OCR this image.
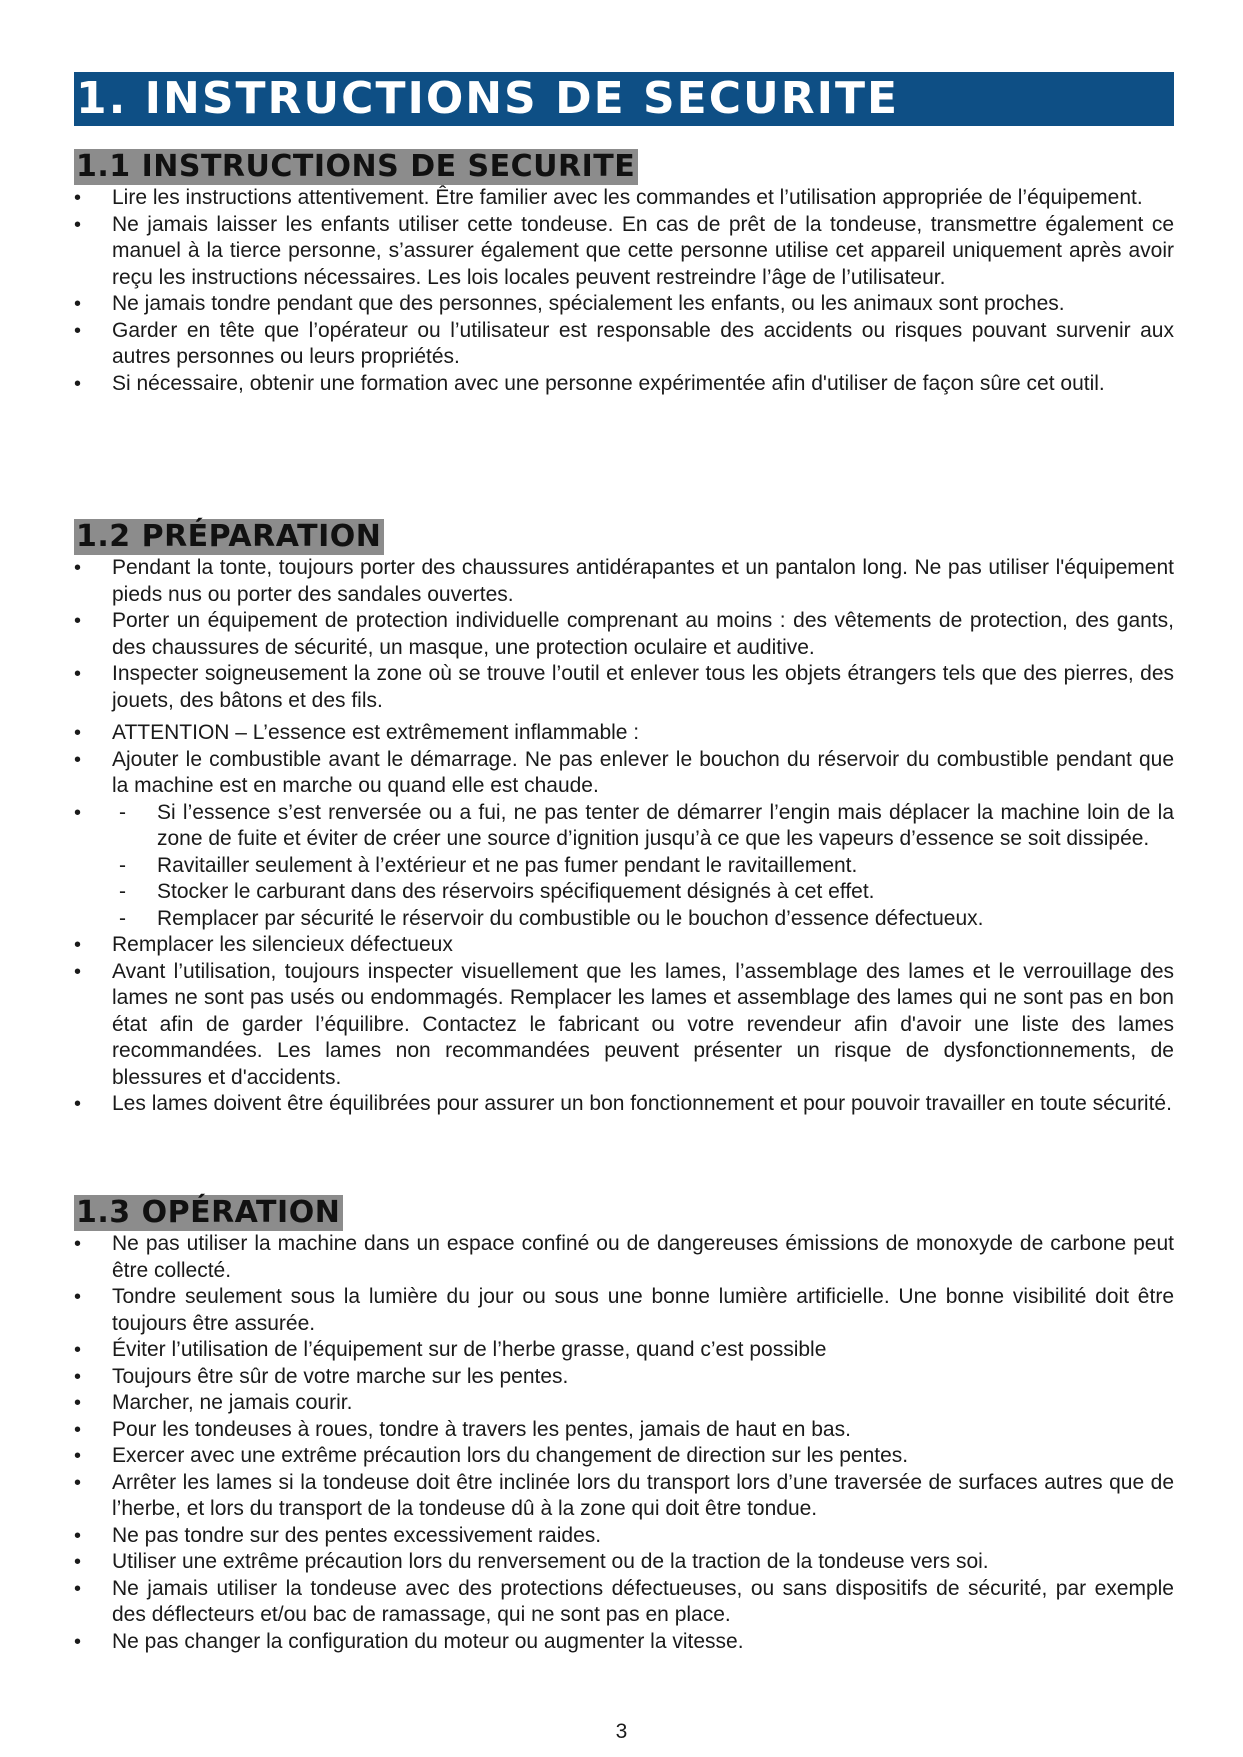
1. INSTRUCTIONS DE SECURITE
1.1 INSTRUCTIONS DE SECURITE
• Lire les instructions attentivement. Être familier avec les commandes et l’utilisation appropriée de l’équipement.
• Ne jamais laisser les enfants utiliser cette tondeuse. En cas de prêt de la tondeuse, transmettre également ce manuel à la tierce personne, s’assurer également que cette personne utilise cet appareil uniquement après avoir reçu les instructions nécessaires. Les lois locales peuvent restreindre l’âge de l’utilisateur.
• Ne jamais tondre pendant que des personnes, spécialement les enfants, ou les animaux sont proches.
• Garder en tête que l’opérateur ou l’utilisateur est responsable des accidents ou risques pouvant survenir aux autres personnes ou leurs propriétés.
• Si nécessaire, obtenir une formation avec une personne expérimentée afin d'utiliser de façon sûre cet outil.
1.2 PRÉPARATION
• Pendant la tonte, toujours porter des chaussures antidérapantes et un pantalon long. Ne pas utiliser l'équipement pieds nus ou porter des sandales ouvertes.
• Porter un équipement de protection individuelle comprenant au moins : des vêtements de protection, des gants, des chaussures de sécurité, un masque, une protection oculaire et auditive.
• Inspecter soigneusement la zone où se trouve l’outil et enlever tous les objets étrangers tels que des pierres, des jouets, des bâtons et des fils.
• ATTENTION – L’essence est extrêmement inflammable :
• Ajouter le combustible avant le démarrage. Ne pas enlever le bouchon du réservoir du combustible pendant que la machine est en marche ou quand elle est chaude.
- • Si l’essence s’est renversée ou a fui, ne pas tenter de démarrer l’engin mais déplacer la machine loin de la zone de fuite et éviter de créer une source d’ignition jusqu’à ce que les vapeurs d’essence se soit dissipée.
- Ravitailler seulement à l’extérieur et ne pas fumer pendant le ravitaillement.
- Stocker le carburant dans des réservoirs spécifiquement désignés à cet effet.
- Remplacer par sécurité le réservoir du combustible ou le bouchon d’essence défectueux.
• Remplacer les silencieux défectueux
• Avant l’utilisation, toujours inspecter visuellement que les lames, l’assemblage des lames et le verrouillage des lames ne sont pas usés ou endommagés. Remplacer les lames et assemblage des lames qui ne sont pas en bon état afin de garder l’équilibre. Contactez le fabricant ou votre revendeur afin d'avoir une liste des lames recommandées. Les lames non recommandées peuvent présenter un risque de dysfonctionnements, de blessures et d'accidents.
• Les lames doivent être équilibrées pour assurer un bon fonctionnement et pour pouvoir travailler en toute sécurité.
1.3 OPÉRATION
• Ne pas utiliser la machine dans un espace confiné ou de dangereuses émissions de monoxyde de carbone peut être collecté.
• Tondre seulement sous la lumière du jour ou sous une bonne lumière artificielle. Une bonne visibilité doit être toujours être assurée.
• Éviter l’utilisation de l’équipement sur de l’herbe grasse, quand c’est possible
• Toujours être sûr de votre marche sur les pentes.
• Marcher, ne jamais courir.
• Pour les tondeuses à roues, tondre à travers les pentes, jamais de haut en bas.
• Exercer avec une extrême précaution lors du changement de direction sur les pentes.
• Arrêter les lames si la tondeuse doit être inclinée lors du transport lors d’une traversée de surfaces autres que de l’herbe, et lors du transport de la tondeuse dû à la zone qui doit être tondue.
• Ne pas tondre sur des pentes excessivement raides.
• Utiliser une extrême précaution lors du renversement ou de la traction de la tondeuse vers soi.
• Ne jamais utiliser la tondeuse avec des protections défectueuses, ou sans dispositifs de sécurité, par exemple des déflecteurs et/ou bac de ramassage, qui ne sont pas en place.
• Ne pas changer la configuration du moteur ou augmenter la vitesse.
3
